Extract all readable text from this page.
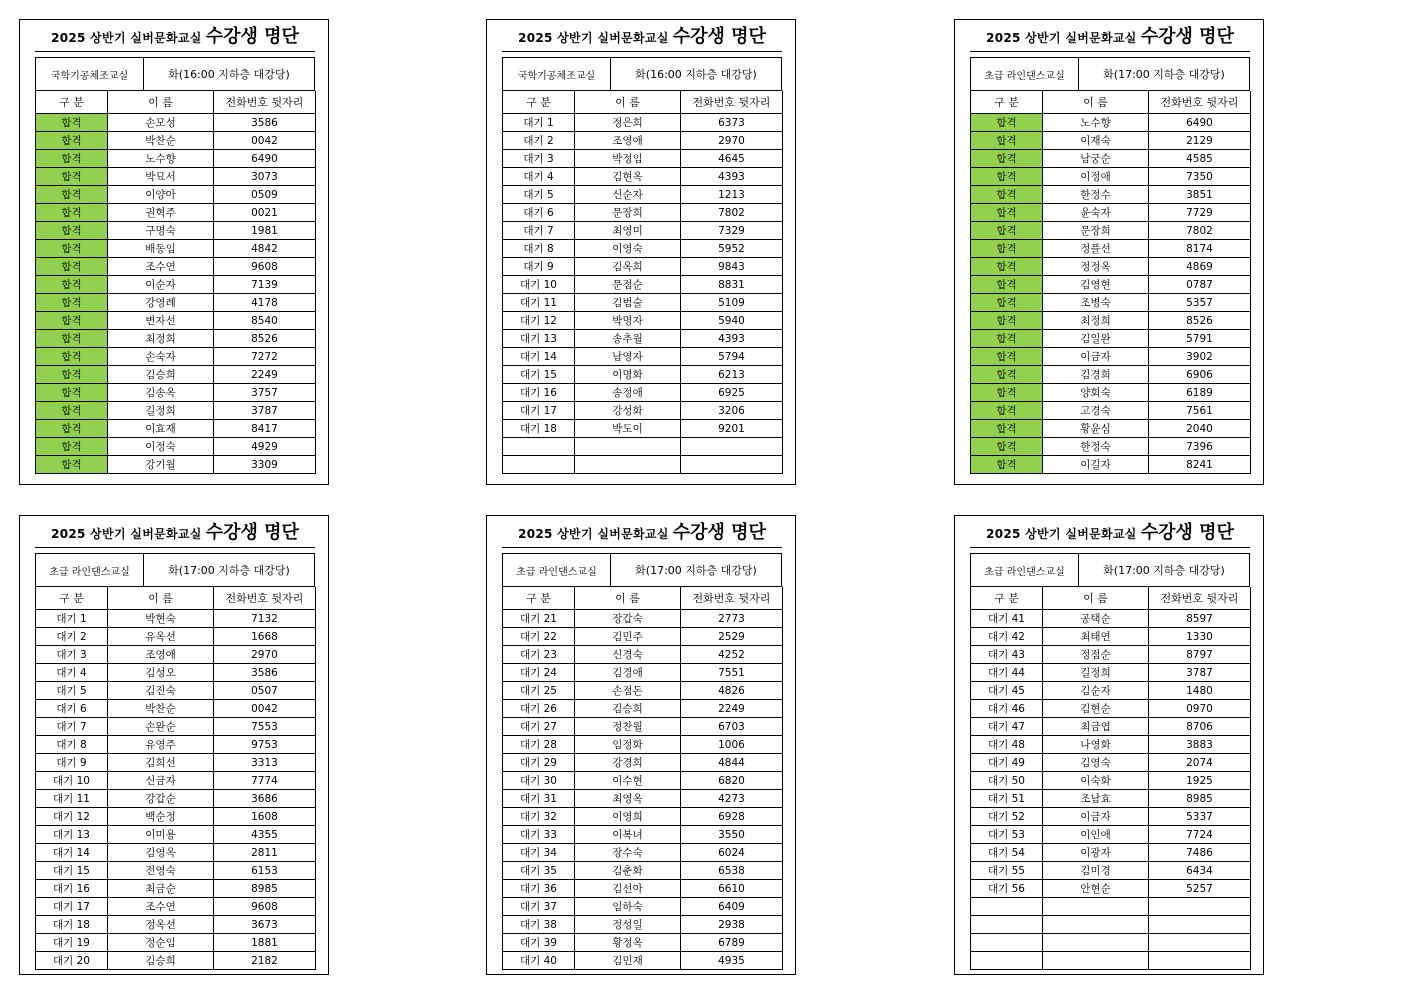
2025 상반기 실버문화교실 수강생 명단
국학기공체조교실	화(16:00 지하층 대강당)
구 분	이 름	전화번호 뒷자리
합격	손모성	3586
합격	박찬순	0042
합격	노수향	6490
합격	박묘서	3073
합격	이양아	0509
합격	권혁주	0021
합격	구명숙	1981
합격	배동임	4842
합격	조수연	9608
합격	이순자	7139
합격	강영례	4178
합격	변자선	8540
합격	최정희	8526
합격	손숙자	7272
합격	김승희	2249
합격	김송옥	3757
합격	길정희	3787
합격	이효재	8417
합격	이정숙	4929
합격	강기월	3309
2025 상반기 실버문화교실 수강생 명단
국학기공체조교실	화(16:00 지하층 대강당)
구 분	이 름	전화번호 뒷자리
대기 1	정은희	6373
대기 2	조영애	2970
대기 3	박정임	4645
대기 4	김현옥	4393
대기 5	신순자	1213
대기 6	문장희	7802
대기 7	최영미	7329
대기 8	이영숙	5952
대기 9	김옥희	9843
대기 10	문점순	8831
대기 11	김범술	5109
대기 12	박명자	5940
대기 13	송추월	4393
대기 14	남영자	5794
대기 15	이명화	6213
대기 16	송정애	6925
대기 17	강성화	3206
대기 18	박도이	9201

2025 상반기 실버문화교실 수강생 명단
초급 라인댄스교실	화(17:00 지하층 대강당)
구 분	이 름	전화번호 뒷자리
합격	노수향	6490
합격	이재숙	2129
합격	남궁순	4585
합격	이정애	7350
합격	한정수	3851
합격	윤숙자	7729
합격	문장희	7802
합격	정플선	8174
합격	정정옥	4869
합격	김영현	0787
합격	조병숙	5357
합격	최정희	8526
합격	김일완	5791
합격	이금자	3902
합격	김경희	6906
합격	양회숙	6189
합격	고경숙	7561
합격	황윤심	2040
합격	한정숙	7396
합격	이길자	8241
2025 상반기 실버문화교실 수강생 명단
초급 라인댄스교실	화(17:00 지하층 대강당)
구 분	이 름	전화번호 뒷자리
대기 1	박현숙	7132
대기 2	유옥선	1668
대기 3	조영애	2970
대기 4	김성오	3586
대기 5	김진숙	0507
대기 6	박찬순	0042
대기 7	손완순	7553
대기 8	유영주	9753
대기 9	김희선	3313
대기 10	신금자	7774
대기 11	강갑순	3686
대기 12	백순정	1608
대기 13	이미용	4355
대기 14	김영옥	2811
대기 15	전영숙	6153
대기 16	최금순	8985
대기 17	조수연	9608
대기 18	정옥선	3673
대기 19	정순임	1881
대기 20	김승희	2182
2025 상반기 실버문화교실 수강생 명단
초급 라인댄스교실	화(17:00 지하층 대강당)
구 분	이 름	전화번호 뒷자리
대기 21	장갑숙	2773
대기 22	김민주	2529
대기 23	신경숙	4252
대기 24	김경애	7551
대기 25	손점돈	4826
대기 26	김승희	2249
대기 27	정찬월	6703
대기 28	임정화	1006
대기 29	강경희	4844
대기 30	이수현	6820
대기 31	최영옥	4273
대기 32	이영희	6928
대기 33	이복녀	3550
대기 34	장수숙	6024
대기 35	김춘화	6538
대기 36	김선아	6610
대기 37	임하숙	6409
대기 38	정성일	2938
대기 39	황정옥	6789
대기 40	김민재	4935
2025 상반기 실버문화교실 수강생 명단
초급 라인댄스교실	화(17:00 지하층 대강당)
구 분	이 름	전화번호 뒷자리
대기 41	공택순	8597
대기 42	최태연	1330
대기 43	정점순	8797
대기 44	길정희	3787
대기 45	김순자	1480
대기 46	김현순	0970
대기 47	최금엽	8706
대기 48	나영화	3883
대기 49	김영숙	2074
대기 50	이숙화	1925
대기 51	조남효	8985
대기 52	이금자	5337
대기 53	이인애	7724
대기 54	이광자	7486
대기 55	김미경	6434
대기 56	안현순	5257
